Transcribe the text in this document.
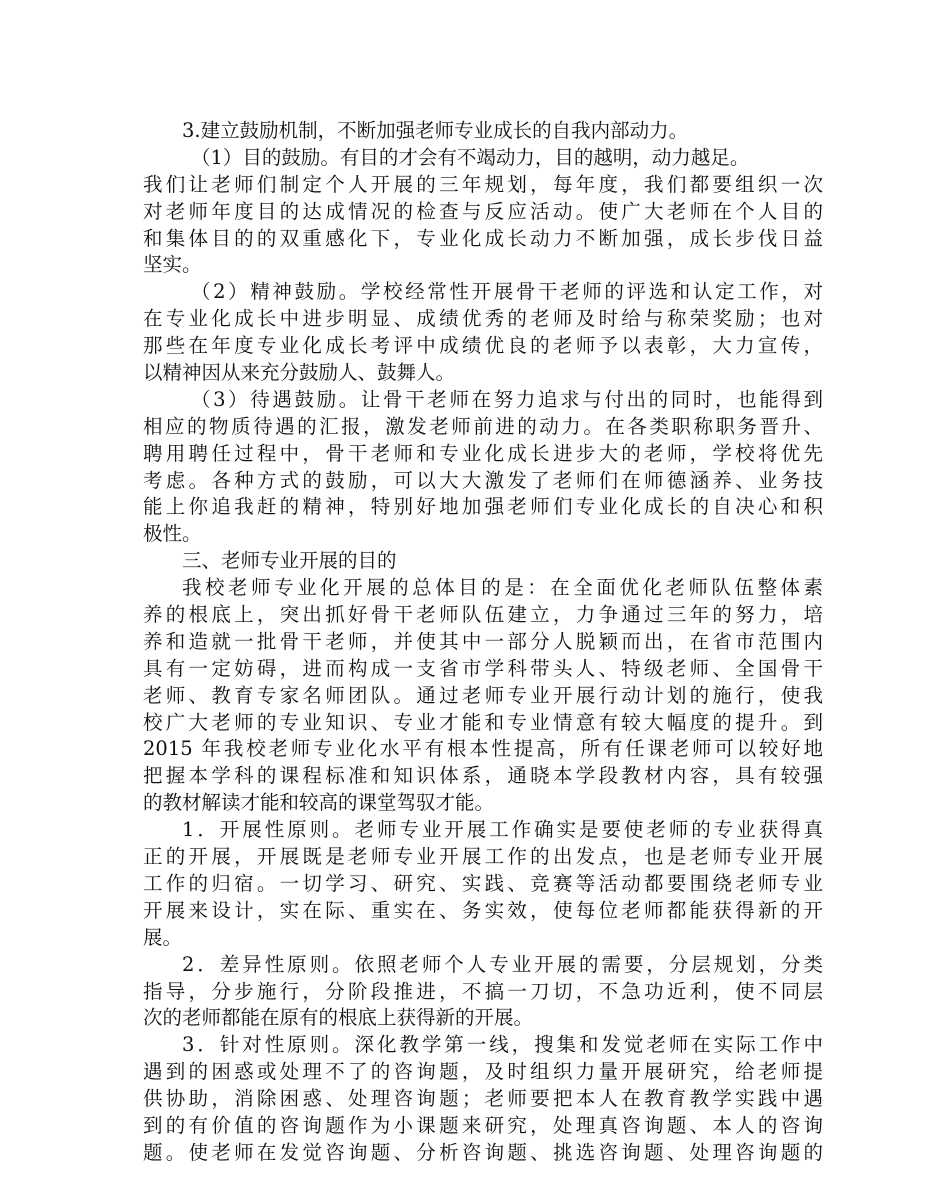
3.建立鼓励机制，不断加强老师专业成长的自我内部动力。
（1）目的鼓励。有目的才会有不竭动力，目的越明，动力越足。
我们让老师们制定个人开展的三年规划，每年度，我们都要组织一次
对老师年度目的达成情况的检查与反应活动。使广大老师在个人目的
和集体目的的双重感化下，专业化成长动力不断加强，成长步伐日益
坚实。
（2）精神鼓励。学校经常性开展骨干老师的评选和认定工作，对
在专业化成长中进步明显、成绩优秀的老师及时给与称荣奖励；也对
那些在年度专业化成长考评中成绩优良的老师予以表彰，大力宣传，
以精神因从来充分鼓励人、鼓舞人。
（3）待遇鼓励。让骨干老师在努力追求与付出的同时，也能得到
相应的物质待遇的汇报，激发老师前进的动力。在各类职称职务晋升、
聘用聘任过程中，骨干老师和专业化成长进步大的老师，学校将优先
考虑。各种方式的鼓励，可以大大激发了老师们在师德涵养、业务技
能上你追我赶的精神，特别好地加强老师们专业化成长的自决心和积
极性。
三、老师专业开展的目的
我校老师专业化开展的总体目的是：在全面优化老师队伍整体素
养的根底上，突出抓好骨干老师队伍建立，力争通过三年的努力，培
养和造就一批骨干老师，并使其中一部分人脱颖而出，在省市范围内
具有一定妨碍，进而构成一支省市学科带头人、特级老师、全国骨干
老师、教育专家名师团队。通过老师专业开展行动计划的施行，使我
校广大老师的专业知识、专业才能和专业情意有较大幅度的提升。到
2015 年我校老师专业化水平有根本性提高，所有任课老师可以较好地
把握本学科的课程标准和知识体系，通晓本学段教材内容，具有较强
的教材解读才能和较高的课堂驾驭才能。
1．开展性原则。老师专业开展工作确实是要使老师的专业获得真
正的开展，开展既是老师专业开展工作的出发点，也是老师专业开展
工作的归宿。一切学习、研究、实践、竞赛等活动都要围绕老师专业
开展来设计，实在际、重实在、务实效，使每位老师都能获得新的开
展。
2．差异性原则。依照老师个人专业开展的需要，分层规划，分类
指导，分步施行，分阶段推进，不搞一刀切，不急功近利，使不同层
次的老师都能在原有的根底上获得新的开展。
3．针对性原则。深化教学第一线，搜集和发觉老师在实际工作中
遇到的困惑或处理不了的咨询题，及时组织力量开展研究，给老师提
供协助，消除困惑、处理咨询题；老师要把本人在教育教学实践中遇
到的有价值的咨询题作为小课题来研究，处理真咨询题、本人的咨询
题。使老师在发觉咨询题、分析咨询题、挑选咨询题、处理咨询题的
